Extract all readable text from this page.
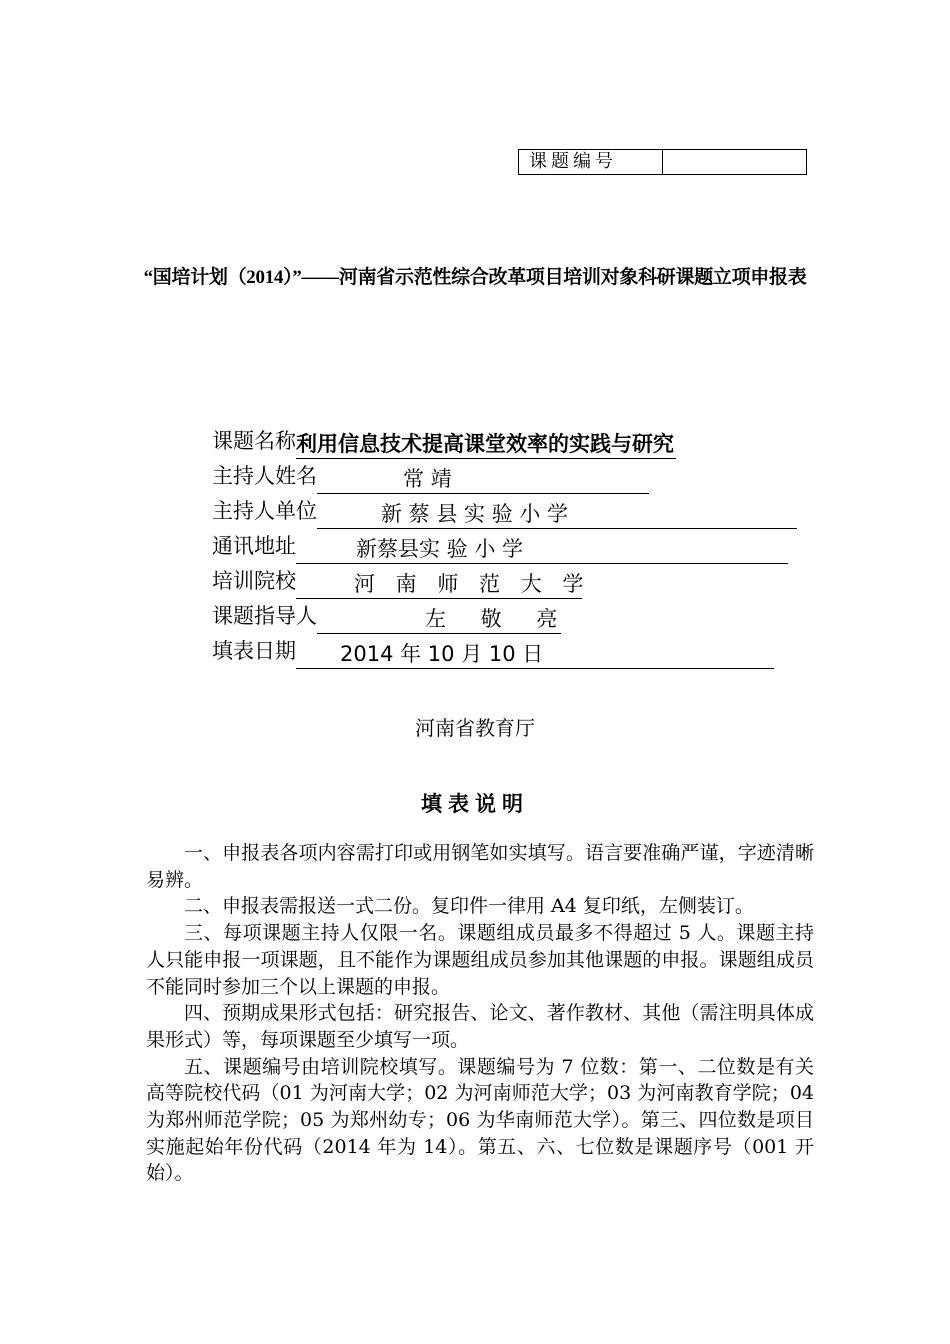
课题编号	
“国培计划（2014）”——河南省示范性综合改革项目培训对象科研课题立项申报表
课题名称利用信息技术提高课堂效率的实践与研究
主持人姓名	常 靖
主持人单位	新 蔡 县 实 验 小 学
通讯地址	新蔡县实 验 小 学
培训院校	河 南 师 范 大 学
课题指导人	左 敬 亮
填表日期 2014 年 10 月 10 日
河南省教育厅
填表说明

一、申报表各项内容需打印或用钢笔如实填写。语言要准确严谨，字迹清晰易辨。

二、申报表需报送一式二份。复印件一律用 A4 复印纸，左侧装订。

三、每项课题主持人仅限一名。课题组成员最多不得超过 5 人。课题主持人只能申报一项课题，且不能作为课题组成员参加其他课题的申报。课题组成员不能同时参加三个以上课题的申报。

四、预期成果形式包括：研究报告、论文、著作教材、其他（需注明具体成果形式）等，每项课题至少填写一项。

五、课题编号由培训院校填写。课题编号为 7 位数：第一、二位数是有关高等院校代码（01 为河南大学；02 为河南师范大学；03 为河南教育学院；04 为郑州师范学院；05 为郑州幼专；06 为华南师范大学）。第三、四位数是项目实施起始年份代码（2014 年为 14）。第五、六、七位数是课题序号（001 开始）。
